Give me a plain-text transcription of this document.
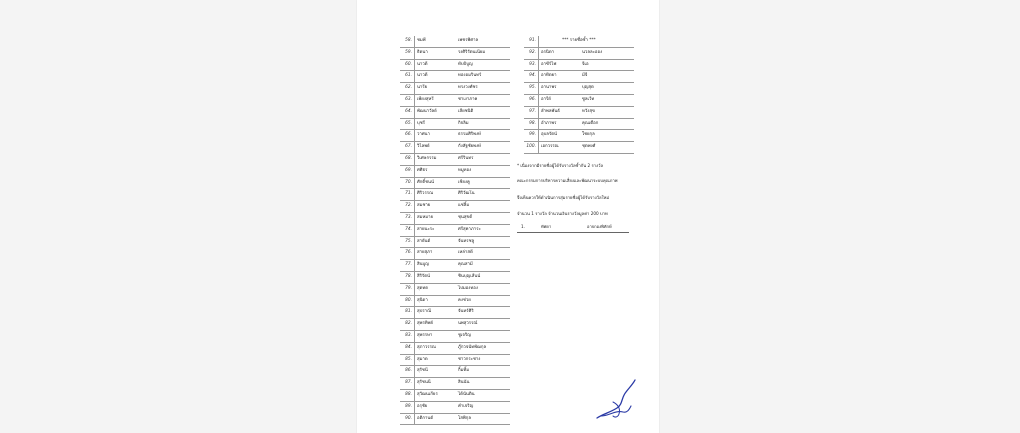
58. ชมพี	เพชรพิศาล
59. ธิดนา	รงศิริรัตนเนียม
60. นาวดี	ทับบิบูญ
61. นาวดี	ทองอมรินทร์
62. นารีย	ทรงวงศ์ชร
63. เพียงสุหรี	ชาเงาภาค
64. พัฒนาวัลย์	เสียชนิติ
65. บุชรี	กิจลิม
66. วาศนา	ธรรมศิริพงษ์
67. วิไลพย์	กังสัฐชัยพงษ์
68. วิเศษกรรม	ศรีรินทร
69. ศศิธร	หมูทอง
70. ศักดิ์ชนน์	เชียงคู
71. ศิริวรรณ	ศิริวัฒโน
72. สมชาย	แซ่ลิ้ม
73. สมหมาย	ชุนสุขดี
74. สายนะระ	ศรีสุคาภาระ
75. สายันต์	จันทรชลู
76. สายสุภา	เหล่าสดี
77. สินบูญ	คุณสามี
78. สิริรัตน์	ชินบุญเส้นน์
79. สุดทด	ไปมองทอง
80. สุนิดา	คงช่วย
81. สุปราณี	จันทร์ศิริ
82. สุพรทิพย์	นพสุวรรณ์
83. สุพรรษา	ชูเจริญ
84. สุภาวรรณ	ภู๊กวจนัทพัฒกุล
85. สุมาด	ชาวกระชาง
86. สุรัชนี	กิ้มทิ้ม
87. สุรัชนนี	สินนัน
88. สุวัฒนเกียร	ได้นันติน
89. อรุชัย	คำเจริญ
90. อติกานต์	โสพิกุล
91.	*** รายชื่อซ้ำ ***
92. อรนิดา	นวลละออง
93. อาซีร์ไฟ	จีเอ
94. อาทิตยา	มีจี
95. อานาพร	บุญสุต
96. อารีย์	ซูลเว้ท
97. ฮำพลพันธ์	หวังสุข
98. อำภาพร	คุณเดือก
99. อุบลรัตน์	ใชยกุล
100. เอกวรรณ	ชุตพงศ์
* เนื่องจากมีรายชื่อผู้ได้รับรางวัลซ้ำกัน 2 รางวัล
คณะกรรมการบริหารความเสี่ยงและพัฒนาระบบคุณภาพ
จึงเห็นควรให้ดำเนินการสุ่มรายชื่อผู้ได้รับรางวัลใหม่
จำนวน 1 รางวัล จำนวนเงินรางวัลมูลค่า 200 บาท
1.	ทัศดา	อาจกองพิทักษ์
